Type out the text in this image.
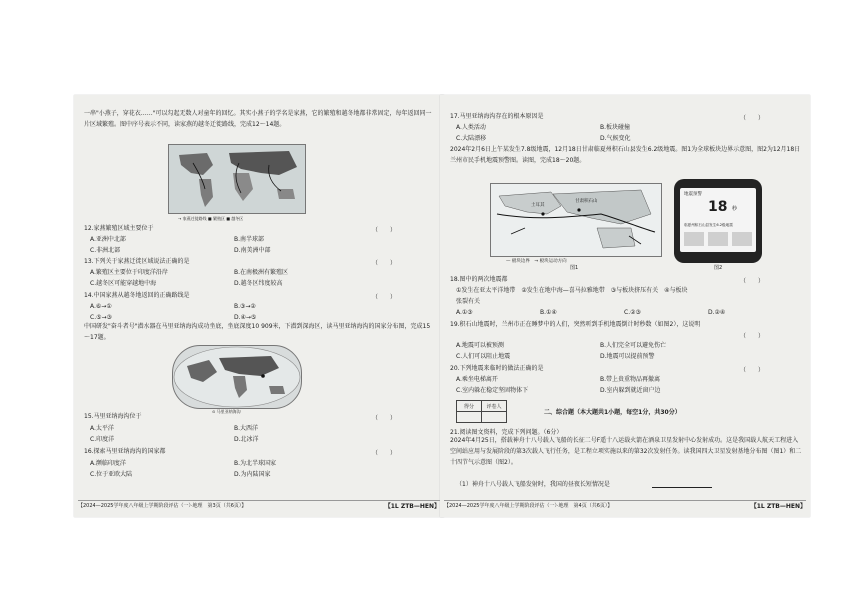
一串"小燕子，穿花衣……"可以勾起无数人对童年的回忆。其实小燕子的学名是家燕，它的繁殖和越冬地都非常固定，每年返回同一片区域繁殖。图中序号表示不同，读家燕的越冬迁徙路线，完成12～14题。
→ 家燕迁徙路线 ■ 繁殖区 ■ 越冬区
12.家燕繁殖区域主要位于	（　　）
A.亚洲中北部	B.南半球部
C.非洲北部	D.南美洲中部
13.下列关于家燕迁徙区域说法正确的是	（　　）
A.繁殖区主要位于印度洋沿岸	B.在南极洲有繁殖区
C.越冬区可能穿越地中海	D.越冬区纬度较高
14.中国家燕从越冬地返回的正确路线是	（　　）
A.⑥→①	B.③→②
C.⑤→③	D.④→⑤
中国研发"奋斗者号"潜水器在马里亚纳海沟成功坐底，坐底深度10 909米，下潜到深海区，读马里亚纳海沟的国家分布图，完成15～17题。
⊙ 马里亚纳海沟
15.马里亚纳海沟位于	（　　）
A.太平洋	B.大西洋
C.印度洋	D.北冰洋
16.探索马里亚纳海沟的国家都	（　　）
A.濒临印度洋	B.为北半球国家
C.位于亚欧大陆	D.为内陆国家
【2024—2025学年度八年级上学期阶段评估（一）·地理　第3页（共6页）】	【1L ZTB—HEN】
17.马里亚纳海沟存在的根本原因是	（　　）
A.人类活动	B.板块碰撞
C.大陆漂移	D.气候变化
2024年2月6日上午某发生7.8级地震，12月18日甘肃临夏州积石山县发生6.2级地震。图1为全球板块边界示意图，图2为12月18日兰州市民手机地震预警图。读图，完成18～20题。
甘肃积石山
土耳其
— 板块边界　→ 板块运动方向
图1
地震预警
18 秒
临夏州积石山县发生6.2级地震
图2
18.图中的两次地震都	（　　）
①发生在亚太平洋地带　②发生在地中海—喜马拉雅地带　③与板块挤压有关　④与板块
张裂有关
A.①③	B.①④	C.②③	D.②④
19.积石山地震时，兰州市正在睡梦中的人们，突然听到手机地震倒计时秒数（如图2），这说明
（　　）
A.地震可以被预测	B.人们完全可以避免伤亡
C.人们可以阻止地震	D.地震可以提前预警
20.下列地震来临时的做法正确的是	（　　）
A.乘坐电梯离开	B.带上贵重物品再撤离
C.室内躲在稳定坚固物体下	D.室内躲到就近窗户边
得分	评卷人

二、综合题（本大题共1小题，每空1分，共30分）
21.阅读图文资料，完成下列问题。（6分）
2024年4月25日，搭载神舟十八号载人飞船的长征二号F遥十八运载火箭在酒泉卫星发射中心发射成功。这是我国载人航天工程进入空间站应用与发展阶段的第3次载人飞行任务，是工程立项实施以来的第32次发射任务。读我国四大卫星发射基地分布图（图1）和二十四节气示意图（图2）。
（1）神舟十八号载人飞船发射时，我国的昼夜长短情况是
【2024—2025学年度八年级上学期阶段评估（一）·地理　第4页（共6页）】	【1L ZTB—HEN】
